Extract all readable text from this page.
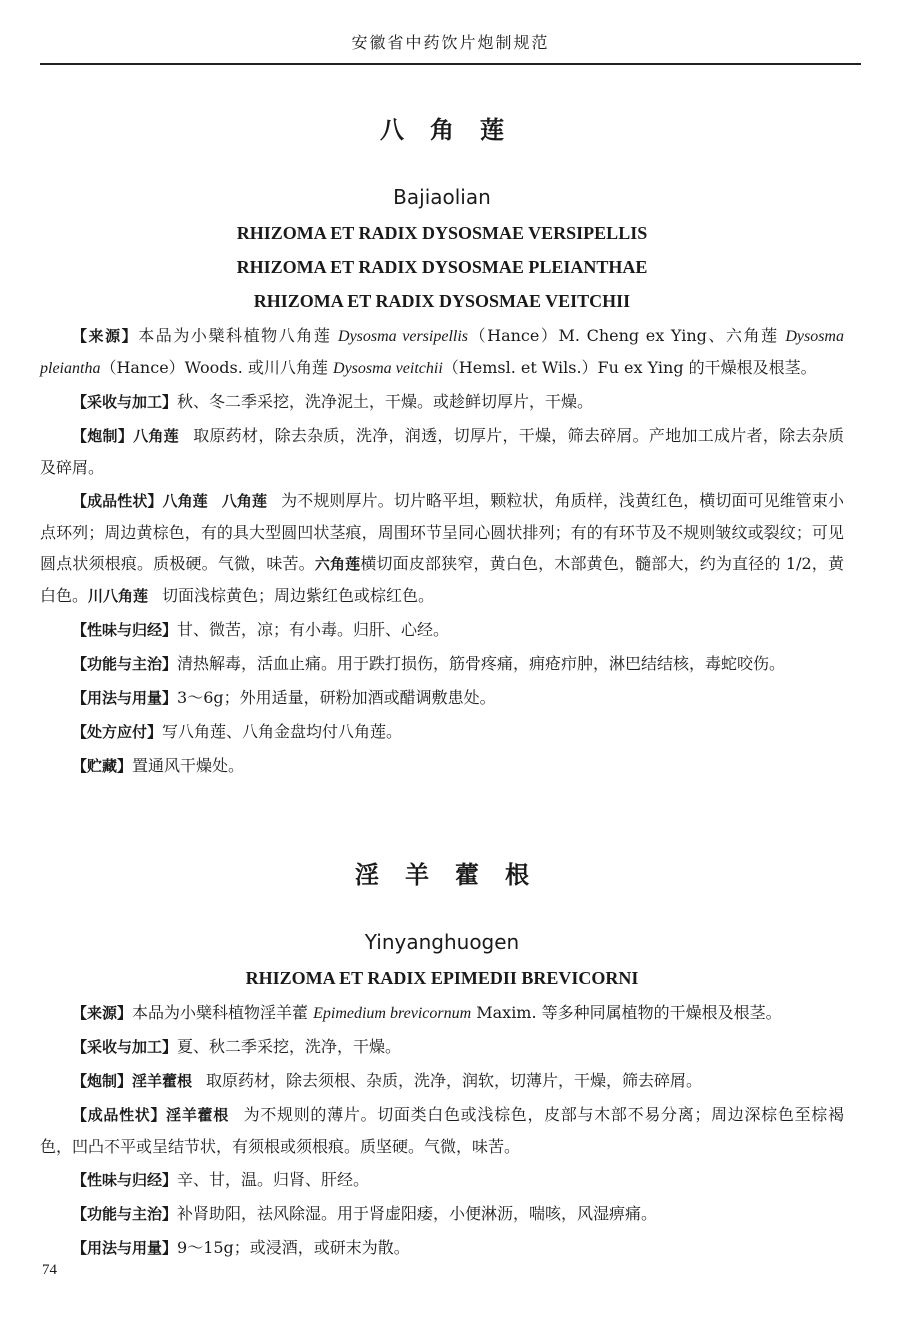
安徽省中药饮片炮制规范
八角莲
Bajiaolian
RHIZOMA ET RADIX DYSOSMAE VERSIPELLIS
RHIZOMA ET RADIX DYSOSMAE PLEIANTHAE
RHIZOMA ET RADIX DYSOSMAE VEITCHII

【来源】本品为小檗科植物八角莲 Dysosma versipellis（Hance）M. Cheng ex Ying、六角莲 Dysosma pleiantha（Hance）Woods. 或川八角莲 Dysosma veitchii（Hemsl. et Wils.）Fu ex Ying 的干燥根及根茎。

【采收与加工】秋、冬二季采挖，洗净泥土，干燥。或趁鲜切厚片，干燥。

【炮制】八角莲 取原药材，除去杂质，洗净，润透，切厚片，干燥，筛去碎屑。产地加工成片者，除去杂质及碎屑。

【成品性状】八角莲 八角莲 为不规则厚片。切片略平坦，颗粒状，角质样，浅黄红色，横切面可见维管束小点环列；周边黄棕色，有的具大型圆凹状茎痕，周围环节呈同心圆状排列；有的有环节及不规则皱纹或裂纹；可见圆点状须根痕。质极硬。气微，味苦。六角莲横切面皮部狭窄，黄白色，木部黄色，髓部大，约为直径的 1/2，黄白色。川八角莲 切面浅棕黄色；周边紫红色或棕红色。

【性味与归经】甘、微苦，凉；有小毒。归肝、心经。

【功能与主治】清热解毒，活血止痛。用于跌打损伤，筋骨疼痛，痈疮疖肿，淋巴结结核，毒蛇咬伤。

【用法与用量】3～6g；外用适量，研粉加酒或醋调敷患处。

【处方应付】写八角莲、八角金盘均付八角莲。

【贮藏】置通风干燥处。

淫羊藿根
Yinyanghuogen
RHIZOMA ET RADIX EPIMEDII BREVICORNI

【来源】本品为小檗科植物淫羊藿 Epimedium brevicornum Maxim. 等多种同属植物的干燥根及根茎。

【采收与加工】夏、秋二季采挖，洗净，干燥。

【炮制】淫羊藿根 取原药材，除去须根、杂质，洗净，润软，切薄片，干燥，筛去碎屑。

【成品性状】淫羊藿根 为不规则的薄片。切面类白色或浅棕色，皮部与木部不易分离；周边深棕色至棕褐色，凹凸不平或呈结节状，有须根或须根痕。质坚硬。气微，味苦。

【性味与归经】辛、甘，温。归肾、肝经。

【功能与主治】补肾助阳，祛风除湿。用于肾虚阳痿，小便淋沥，喘咳，风湿痹痛。

【用法与用量】9～15g；或浸酒，或研末为散。

74
